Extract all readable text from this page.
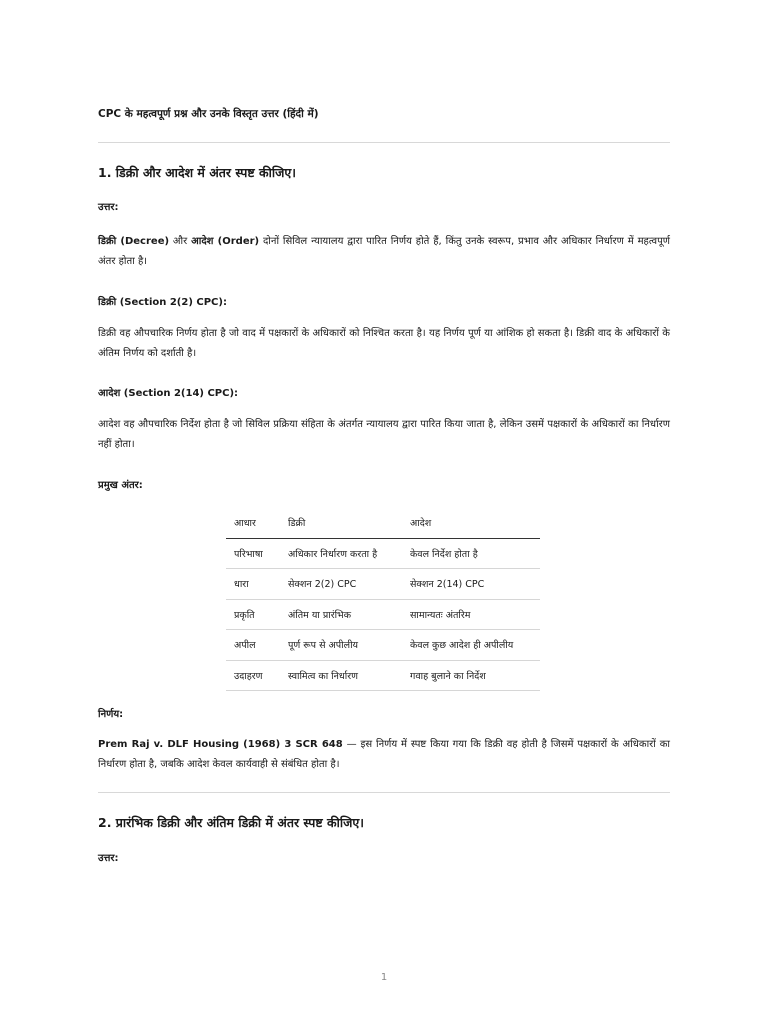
CPC के महत्वपूर्ण प्रश्न और उनके विस्तृत उत्तर (हिंदी में)
1. डिक्री और आदेश में अंतर स्पष्ट कीजिए।
उत्तर:
डिक्री (Decree) और आदेश (Order) दोनों सिविल न्यायालय द्वारा पारित निर्णय होते हैं, किंतु उनके स्वरूप, प्रभाव और अधिकार निर्धारण में महत्वपूर्ण अंतर होता है।
डिक्री (Section 2(2) CPC):
डिक्री वह औपचारिक निर्णय होता है जो वाद में पक्षकारों के अधिकारों को निश्चित करता है। यह निर्णय पूर्ण या आंशिक हो सकता है। डिक्री वाद के अधिकारों के अंतिम निर्णय को दर्शाती है।
आदेश (Section 2(14) CPC):
आदेश वह औपचारिक निर्देश होता है जो सिविल प्रक्रिया संहिता के अंतर्गत न्यायालय द्वारा पारित किया जाता है, लेकिन उसमें पक्षकारों के अधिकारों का निर्धारण नहीं होता।
प्रमुख अंतर:
निर्णय:
Prem Raj v. DLF Housing (1968) 3 SCR 648 — इस निर्णय में स्पष्ट किया गया कि डिक्री वह होती है जिसमें पक्षकारों के अधिकारों का निर्धारण होता है, जबकि आदेश केवल कार्यवाही से संबंधित होता है।
2. प्रारंभिक डिक्री और अंतिम डिक्री में अंतर स्पष्ट कीजिए।
उत्तर:
आधार	डिक्री	आदेश
परिभाषा	अधिकार निर्धारण करता है	केवल निर्देश होता है
धारा	सेक्शन 2(2) CPC	सेक्शन 2(14) CPC
प्रकृति	अंतिम या प्रारंभिक	सामान्यतः अंतरिम
अपील	पूर्ण रूप से अपीलीय	केवल कुछ आदेश ही अपीलीय
उदाहरण	स्वामित्व का निर्धारण	गवाह बुलाने का निर्देश
1
